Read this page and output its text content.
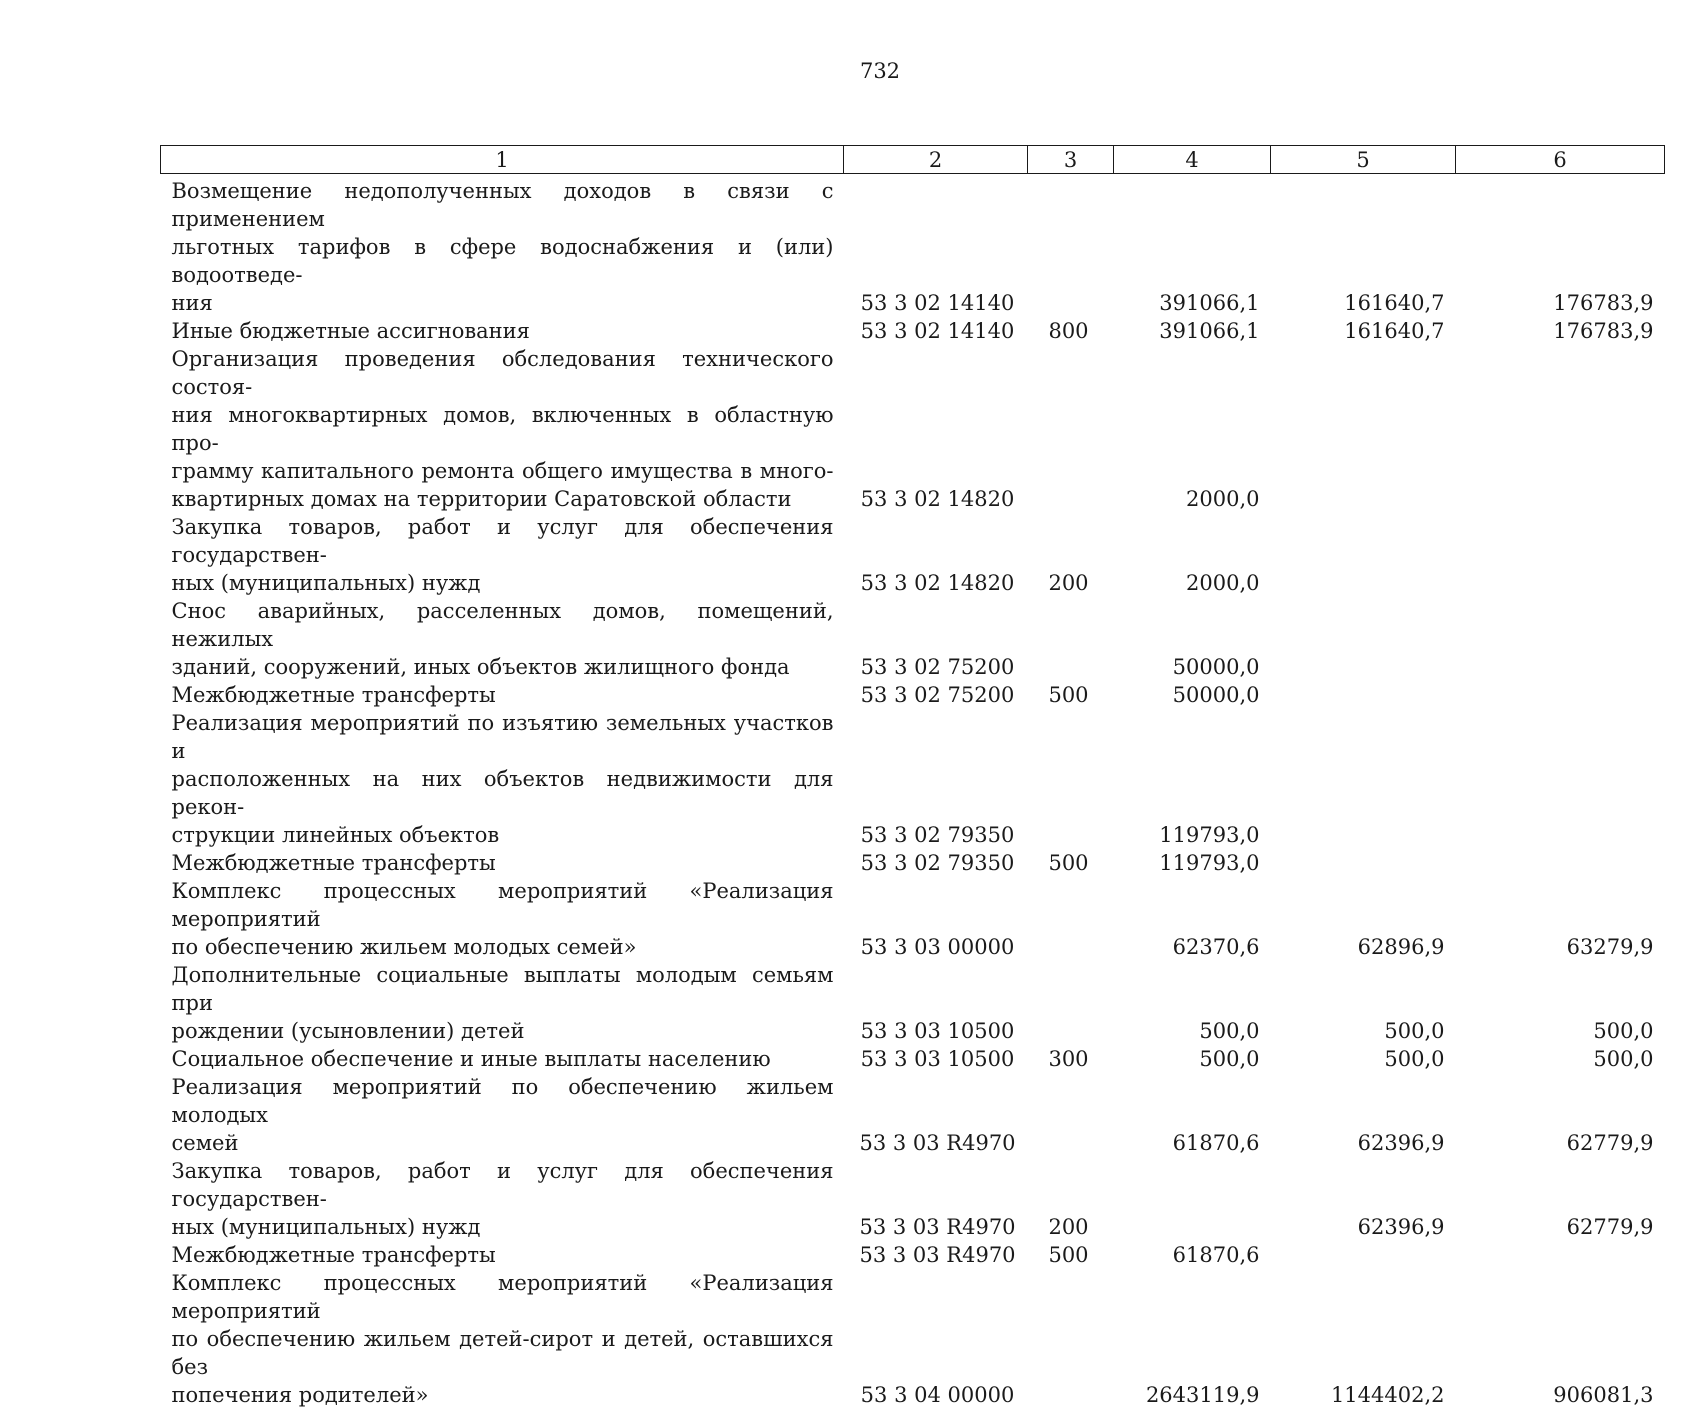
732
1	2	3	4	5	6

Возмещение недополученных доходов в связи с применением
льготных тарифов в сфере водоснабжения и (или) водоотведе-
ния	53 3 02 14140		391066,1	161640,7	176783,9

Иные бюджетные ассигнования	53 3 02 14140	800	391066,1	161640,7	176783,9

Организация проведения обследования технического состоя-
ния многоквартирных домов, включенных в областную про-
грамму капитального ремонта общего имущества в много-
квартирных домах на территории Саратовской области	53 3 02 14820		2000,0		

Закупка товаров, работ и услуг для обеспечения государствен-
ных (муниципальных) нужд	53 3 02 14820	200	2000,0		

Снос аварийных, расселенных домов, помещений, нежилых
зданий, сооружений, иных объектов жилищного фонда	53 3 02 75200		50000,0		

Межбюджетные трансферты	53 3 02 75200	500	50000,0		

Реализация мероприятий по изъятию земельных участков и
расположенных на них объектов недвижимости для рекон-
струкции линейных объектов	53 3 02 79350		119793,0		

Межбюджетные трансферты	53 3 02 79350	500	119793,0		

Комплекс процессных мероприятий «Реализация мероприятий
по обеспечению жильем молодых семей»	53 3 03 00000		62370,6	62896,9	63279,9

Дополнительные социальные выплаты молодым семьям при
рождении (усыновлении) детей	53 3 03 10500		500,0	500,0	500,0

Социальное обеспечение и иные выплаты населению	53 3 03 10500	300	500,0	500,0	500,0

Реализация мероприятий по обеспечению жильем молодых
семей	53 3 03 R4970		61870,6	62396,9	62779,9

Закупка товаров, работ и услуг для обеспечения государствен-
ных (муниципальных) нужд	53 3 03 R4970	200		62396,9	62779,9

Межбюджетные трансферты	53 3 03 R4970	500	61870,6		

Комплекс процессных мероприятий «Реализация мероприятий
по обеспечению жильем детей-сирот и детей, оставшихся без
попечения родителей»	53 3 04 00000		2643119,9	1144402,2	906081,3
